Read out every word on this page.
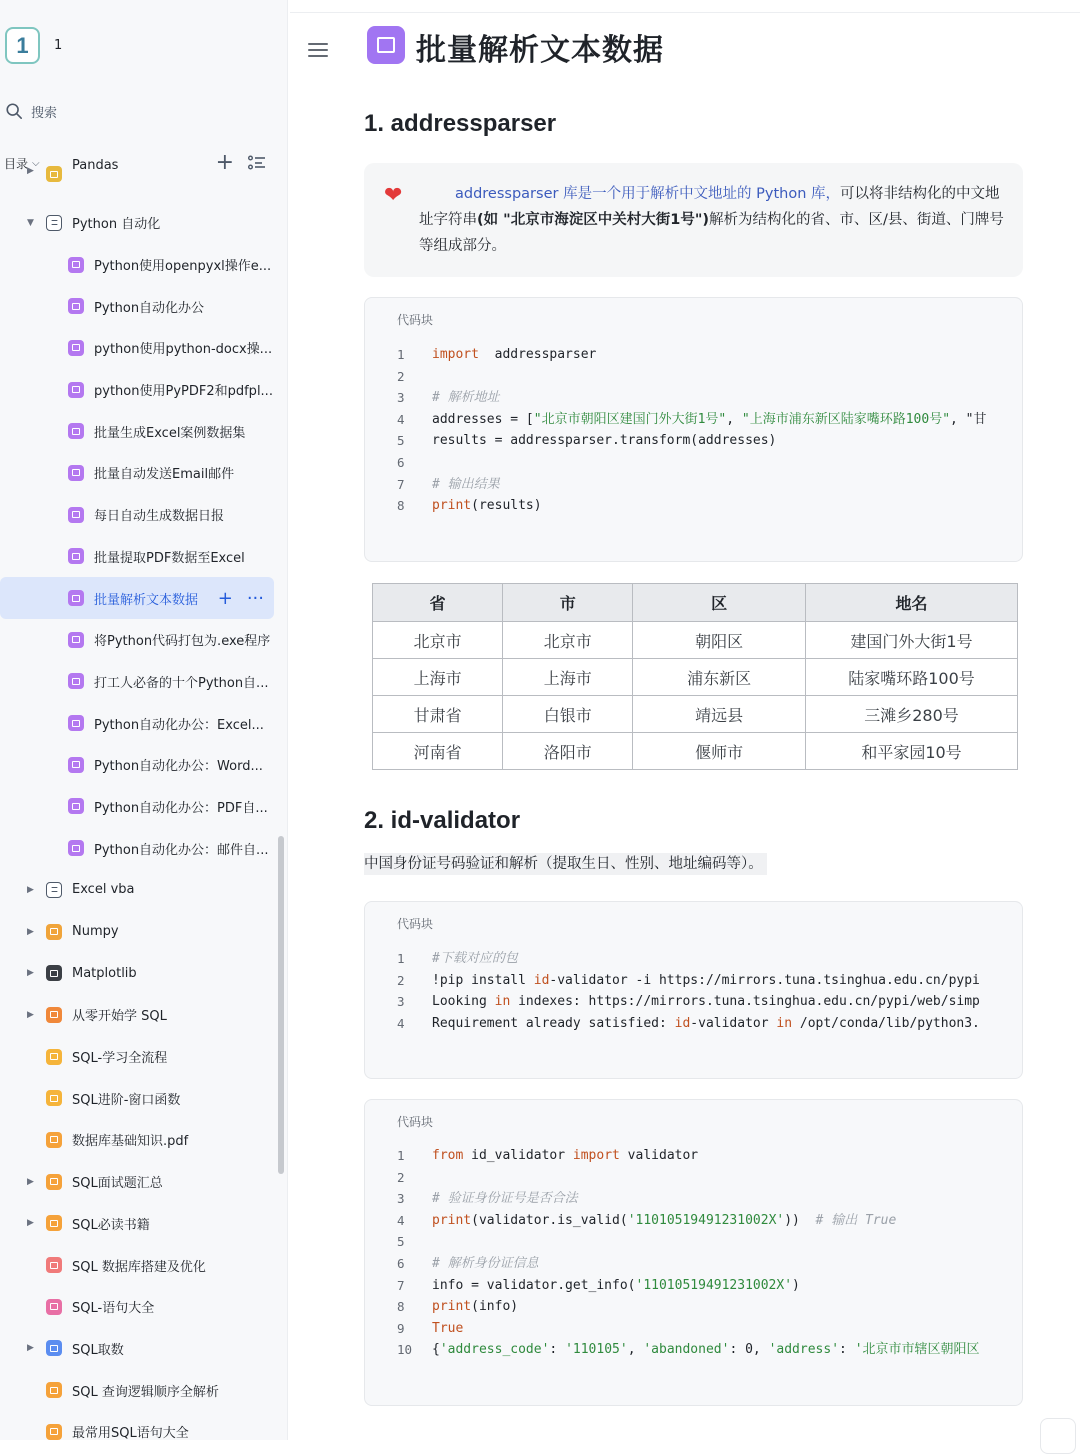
1	1
搜索
目录 ⌵	+
▶	Pandas
▼	Python 自动化
Python使用openpyxl操作e...
Python自动化办公
python使用python-docx操...
python使用PyPDF2和pdfpl...
批量生成Excel案例数据集
批量自动发送Email邮件
每日自动生成数据日报
批量提取PDF数据至Excel
批量解析文本数据 + ···
将Python代码打包为.exe程序
打工人必备的十个Python自...
Python自动化办公：Excel...
Python自动化办公：Word...
Python自动化办公：PDF自...
Python自动化办公：邮件自...
▶	Excel vba
▶	Numpy
▶	Matplotlib
▶	从零开始学 SQL
SQL-学习全流程
SQL进阶-窗口函数
数据库基础知识.pdf
▶	SQL面试题汇总
▶	SQL必读书籍
SQL 数据库搭建及优化
SQL-语句大全
▶	SQL取数
SQL 查询逻辑顺序全解析
最常用SQL语句大全
批量解析文本数据
1. addressparser
❤	addressparser 库是一个用于解析中文地址的 Python 库，可以将非结构化的中文地址字符串(如 "北京市海淀区中关村大街1号")解析为结构化的省、市、区/县、街道、门牌号等组成部分。
代码块
1	import  addressparser
2
3	# 解析地址
4	addresses = ["北京市朝阳区建国门外大街1号", "上海市浦东新区陆家嘴环路100号", "甘
5	results = addressparser.transform(addresses)
6
7	# 输出结果
8	print(results)
省	市	区	地名
北京市	北京市	朝阳区	建国门外大街1号
上海市	上海市	浦东新区	陆家嘴环路100号
甘肃省	白银市	靖远县	三滩乡280号
河南省	洛阳市	偃师市	和平家园10号
2. id-validator
中国身份证号码验证和解析（提取生日、性别、地址编码等）。
代码块
1	#下载对应的包
2	!pip install id-validator -i https://mirrors.tuna.tsinghua.edu.cn/pypi
3	Looking in indexes: https://mirrors.tuna.tsinghua.edu.cn/pypi/web/simp
4	Requirement already satisfied: id-validator in /opt/conda/lib/python3.
代码块
1	from id_validator import validator
2
3	# 验证身份证号是否合法
4	print(validator.is_valid('11010519491231002X'))  # 输出 True
5
6	# 解析身份证信息
7	info = validator.get_info('11010519491231002X')
8	print(info)
9	True
10 {'address_code': '110105', 'abandoned': 0, 'address': '北京市市辖区朝阳区
